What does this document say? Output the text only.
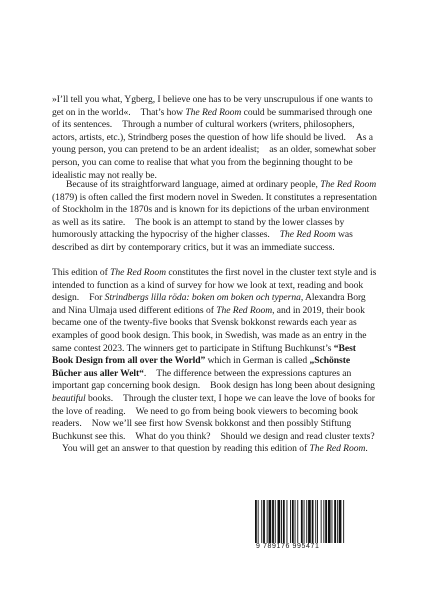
»I’ll tell you what, Ygberg, I believe one has to be very unscrupulous if one wants to get on in the world«. That’s how The Red Room could be summarised through one of its sentences. Through a number of cultural workers (writers, philosophers, actors, artists, etc.), Strindberg poses the question of how life should be lived. As a young person, you can pretend to be an ardent idealist; as an older, somewhat sober person, you can come to realise that what you from the beginning thought to be idealistic may not really be.

Because of its straightforward language, aimed at ordinary people, The Red Room (1879) is often called the first modern novel in Sweden. It constitutes a representation of Stockholm in the 1870s and is known for its depictions of the urban environment as well as its satire. The book is an attempt to stand by the lower classes by humorously attacking the hypocrisy of the higher classes. The Red Room was described as dirt by contemporary critics, but it was an immediate success.

This edition of The Red Room constitutes the first novel in the cluster text style and is intended to function as a kind of survey for how we look at text, reading and book design. For Strindbergs lilla röda: boken om boken och typerna, Alexandra Borg and Nina Ulmaja used different editions of The Red Room, and in 2019, their book became one of the twenty-five books that Svensk bokkonst rewards each year as examples of good book design. This book, in Swedish, was made as an entry in the same contest 2023. The winners get to participate in Stiftung Buchkunst’s “Best Book Design from all over the World” which in German is called „Schönste Bücher aus aller Welt“. The difference between the expressions captures an important gap concerning book design. Book design has long been about designing beautiful books. Through the cluster text, I hope we can leave the love of books for the love of reading. We need to go from being book viewers to becoming book readers. Now we’ll see first how Svensk bokkonst and then possibly Stiftung Buchkunst see this. What do you think? Should we design and read cluster texts?You will get an answer to that question by reading this edition of The Red Room.

9 789176 995471
